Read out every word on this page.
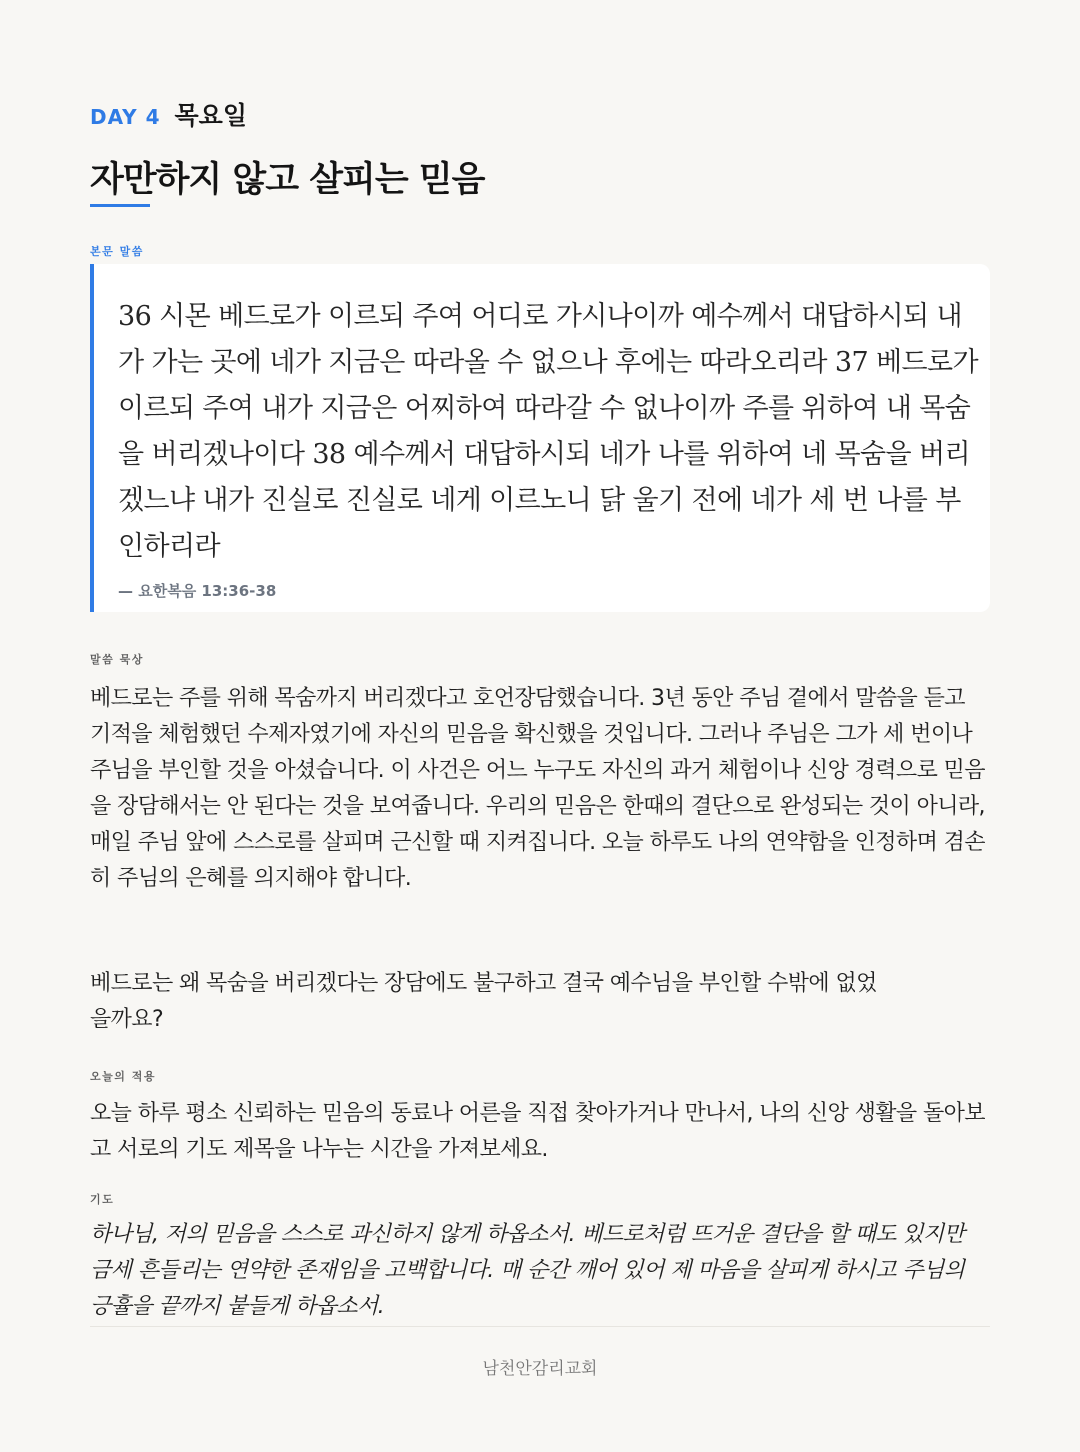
DAY 4 목요일
자만하지 않고 살피는 믿음
본문 말씀

36 시몬 베드로가 이르되 주여 어디로 가시나이까 예수께서 대답하시되 내가 가는 곳에 네가 지금은 따라올 수 없으나 후에는 따라오리라 37 베드로가 이르되 주여 내가 지금은 어찌하여 따라갈 수 없나이까 주를 위하여 내 목숨을 버리겠나이다 38 예수께서 대답하시되 네가 나를 위하여 네 목숨을 버리겠느냐 내가 진실로 진실로 네게 이르노니 닭 울기 전에 네가 세 번 나를 부인하리라

— 요한복음 13:36-38
말씀 묵상

베드로는 주를 위해 목숨까지 버리겠다고 호언장담했습니다. 3년 동안 주님 곁에서 말씀을 듣고 기적을 체험했던 수제자였기에 자신의 믿음을 확신했을 것입니다. 그러나 주님은 그가 세 번이나 주님을 부인할 것을 아셨습니다. 이 사건은 어느 누구도 자신의 과거 체험이나 신앙 경력으로 믿음을 장담해서는 안 된다는 것을 보여줍니다. 우리의 믿음은 한때의 결단으로 완성되는 것이 아니라, 매일 주님 앞에 스스로를 살피며 근신할 때 지켜집니다. 오늘 하루도 나의 연약함을 인정하며 겸손히 주님의 은혜를 의지해야 합니다.

베드로는 왜 목숨을 버리겠다는 장담에도 불구하고 결국 예수님을 부인할 수밖에 없었을까요?

오늘의 적용

오늘 하루 평소 신뢰하는 믿음의 동료나 어른을 직접 찾아가거나 만나서, 나의 신앙 생활을 돌아보고 서로의 기도 제목을 나누는 시간을 가져보세요.

기도

하나님, 저의 믿음을 스스로 과신하지 않게 하옵소서. 베드로처럼 뜨거운 결단을 할 때도 있지만 금세 흔들리는 연약한 존재임을 고백합니다. 매 순간 깨어 있어 제 마음을 살피게 하시고 주님의 긍휼을 끝까지 붙들게 하옵소서.

남천안감리교회
